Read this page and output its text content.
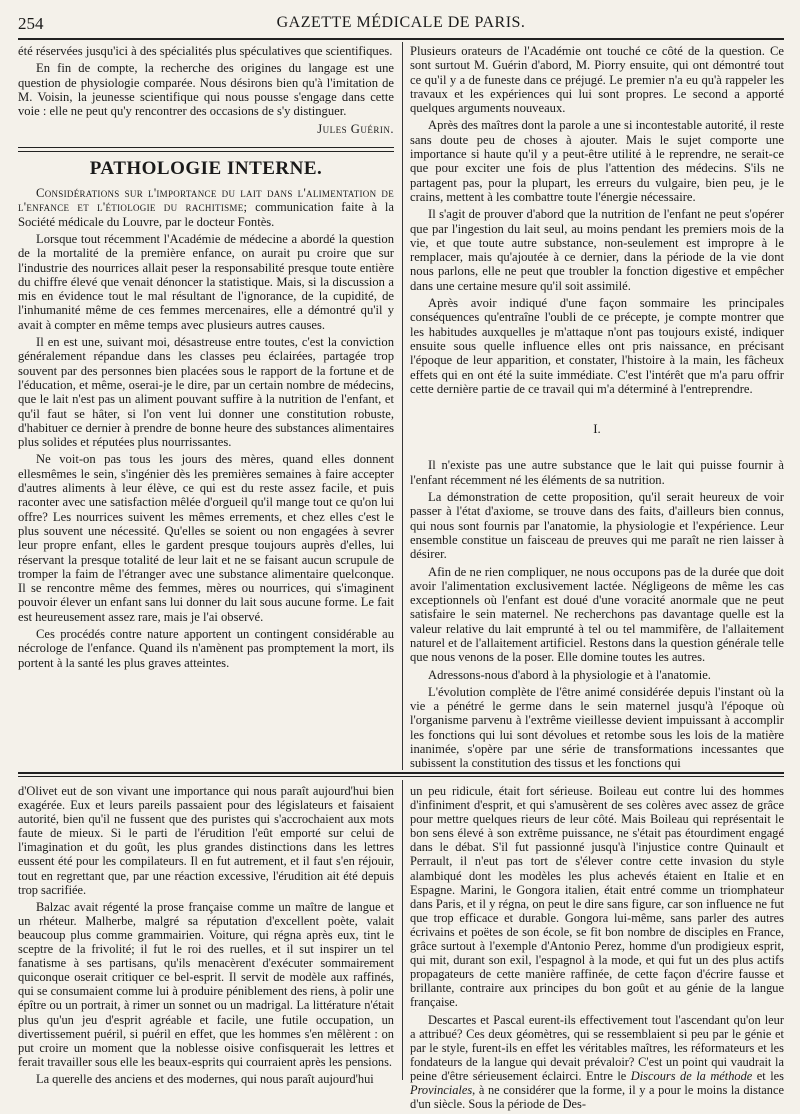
254	GAZETTE MÉDICALE DE PARIS.

été réservées jusqu'ici à des spécialités plus spéculatives que scientifiques.

En fin de compte, la recherche des origines du langage est une question de physiologie comparée. Nous désirons bien qu'à l'imitation de M. Voisin, la jeunesse scientifique qui nous pousse s'engage dans cette voie : elle ne peut qu'y rencontrer des occasions de s'y distinguer.

Jules Guérin.
PATHOLOGIE INTERNE.

Considérations sur l'importance du lait dans l'alimentation de l'enfance et l'étiologie du rachitisme; communication faite à la Société médicale du Louvre, par le docteur Fontès.

Lorsque tout récemment l'Académie de médecine a abordé la question de la mortalité de la première enfance, on aurait pu croire que sur l'industrie des nourrices allait peser la responsabilité presque toute entière du chiffre élevé que venait dénoncer la statistique. Mais, si la discussion a mis en évidence tout le mal résultant de l'ignorance, de la cupidité, de l'inhumanité même de ces femmes mercenaires, elle a démontré qu'il y avait à compter en même temps avec plusieurs autres causes.

Il en est une, suivant moi, désastreuse entre toutes, c'est la conviction généralement répandue dans les classes peu éclairées, partagée trop souvent par des personnes bien placées sous le rapport de la fortune et de l'éducation, et même, oserai-je le dire, par un certain nombre de médecins, que le lait n'est pas un aliment pouvant suffire à la nutrition de l'enfant, et qu'il faut se hâter, si l'on vent lui donner une constitution robuste, d'habituer ce dernier à prendre de bonne heure des substances alimentaires plus solides et réputées plus nourrissantes.

Ne voit-on pas tous les jours des mères, quand elles donnent ellesmêmes le sein, s'ingénier dès les premières semaines à faire accepter d'autres aliments à leur élève, ce qui est du reste assez facile, et puis raconter avec une satisfaction mêlée d'orgueil qu'il mange tout ce qu'on lui offre? Les nourrices suivent les mêmes errements, et chez elles c'est le plus souvent une nécessité. Qu'elles se soient ou non engagées à sevrer leur propre enfant, elles le gardent presque toujours auprès d'elles, lui réservant la presque totalité de leur lait et ne se faisant aucun scrupule de tromper la faim de l'étranger avec une substance alimentaire quelconque. Il se rencontre même des femmes, mères ou nourrices, qui s'imaginent pouvoir élever un enfant sans lui donner du lait sous aucune forme. Le fait est heureusement assez rare, mais je l'ai observé.

Ces procédés contre nature apportent un contingent considérable au nécrologe de l'enfance. Quand ils n'amènent pas promptement la mort, ils portent à la santé les plus graves atteintes.

Plusieurs orateurs de l'Académie ont touché ce côté de la question. Ce sont surtout M. Guérin d'abord, M. Piorry ensuite, qui ont démontré tout ce qu'il y a de funeste dans ce préjugé. Le premier n'a eu qu'à rappeler les travaux et les expériences qui lui sont propres. Le second a apporté quelques arguments nouveaux.

Après des maîtres dont la parole a une si incontestable autorité, il reste sans doute peu de choses à ajouter. Mais le sujet comporte une importance si haute qu'il y a peut-être utilité à le reprendre, ne serait-ce que pour exciter une fois de plus l'attention des médecins. S'ils ne partagent pas, pour la plupart, les erreurs du vulgaire, bien peu, je le crains, mettent à les combattre toute l'énergie nécessaire.

Il s'agit de prouver d'abord que la nutrition de l'enfant ne peut s'opérer que par l'ingestion du lait seul, au moins pendant les premiers mois de la vie, et que toute autre substance, non-seulement est impropre à le remplacer, mais qu'ajoutée à ce dernier, dans la période de la vie dont nous parlons, elle ne peut que troubler la fonction digestive et empêcher dans une certaine mesure qu'il soit assimilé.

Après avoir indiqué d'une façon sommaire les principales conséquences qu'entraîne l'oubli de ce précepte, je compte montrer que les habitudes auxquelles je m'attaque n'ont pas toujours existé, indiquer ensuite sous quelle influence elles ont pris naissance, en précisant l'époque de leur apparition, et constater, l'histoire à la main, les fâcheux effets qui en ont été la suite immédiate. C'est l'intérêt que m'a paru offrir cette dernière partie de ce travail qui m'a déterminé à l'entreprendre.

I.

Il n'existe pas une autre substance que le lait qui puisse fournir à l'enfant récemment né les éléments de sa nutrition.

La démonstration de cette proposition, qu'il serait heureux de voir passer à l'état d'axiome, se trouve dans des faits, d'ailleurs bien connus, qui nous sont fournis par l'anatomie, la physiologie et l'expérience. Leur ensemble constitue un faisceau de preuves qui me paraît ne rien laisser à désirer.

Afin de ne rien compliquer, ne nous occupons pas de la durée que doit avoir l'alimentation exclusivement lactée. Négligeons de même les cas exceptionnels où l'enfant est doué d'une voracité anormale que ne peut satisfaire le sein maternel. Ne recherchons pas davantage quelle est la valeur relative du lait emprunté à tel ou tel mammifère, de l'allaitement naturel et de l'allaitement artificiel. Restons dans la question générale telle que nous venons de la poser. Elle domine toutes les autres.

Adressons-nous d'abord à la physiologie et à l'anatomie.

L'évolution complète de l'être animé considérée depuis l'instant où la vie a pénétré le germe dans le sein maternel jusqu'à l'époque où l'organisme parvenu à l'extrême vieillesse devient impuissant à accomplir les fonctions qui lui sont dévolues et retombe sous les lois de la matière inanimée, s'opère par une série de transformations incessantes que subissent la constitution des tissus et les fonctions qui

d'Olivet eut de son vivant une importance qui nous paraît aujourd'hui bien exagérée. Eux et leurs pareils passaient pour des législateurs et faisaient autorité, bien qu'il ne fussent que des puristes qui s'accrochaient aux mots faute de mieux. Si le parti de l'érudition l'eût emporté sur celui de l'imagination et du goût, les plus grandes distinctions dans les lettres eussent été pour les compilateurs. Il en fut autrement, et il faut s'en réjouir, tout en regrettant que, par une réaction excessive, l'érudition ait été depuis trop sacrifiée.

Balzac avait régenté la prose française comme un maître de langue et un rhéteur. Malherbe, malgré sa réputation d'excellent poète, valait beaucoup plus comme grammairien. Voiture, qui régna après eux, tint le sceptre de la frivolité; il fut le roi des ruelles, et il sut inspirer un tel fanatisme à ses partisans, qu'ils menacèrent d'exécuter sommairement quiconque oserait critiquer ce bel-esprit. Il servit de modèle aux raffinés, qui se consumaient comme lui à produire péniblement des riens, à polir une épître ou un portrait, à rimer un sonnet ou un madrigal. La littérature n'était plus qu'un jeu d'esprit agréable et facile, une futile occupation, un divertissement puéril, si puéril en effet, que les hommes s'en mêlèrent : on put croire un moment que la noblesse oisive confisquerait les lettres et ferait travailler sous elle les beaux-esprits qui courraient après les pensions.

La querelle des anciens et des modernes, qui nous paraît aujourd'hui

un peu ridicule, était fort sérieuse. Boileau eut contre lui des hommes d'infiniment d'esprit, et qui s'amusèrent de ses colères avec assez de grâce pour mettre quelques rieurs de leur côté. Mais Boileau qui représentait le bon sens élevé à son extrême puissance, ne s'était pas étourdiment engagé dans le débat. S'il fut passionné jusqu'à l'injustice contre Quinault et Perrault, il n'eut pas tort de s'élever contre cette invasion du style alambiqué dont les modèles les plus achevés étaient en Italie et en Espagne. Marini, le Gongora italien, était entré comme un triomphateur dans Paris, et il y régna, on peut le dire sans figure, car son influence ne fut que trop efficace et durable. Gongora lui-même, sans parler des autres écrivains et poëtes de son école, se fit bon nombre de disciples en France, grâce surtout à l'exemple d'Antonio Perez, homme d'un prodigieux esprit, qui mit, durant son exil, l'espagnol à la mode, et qui fut un des plus actifs propagateurs de cette manière raffinée, de cette façon d'écrire fausse et brillante, contraire aux principes du bon goût et au génie de la langue française.

Descartes et Pascal eurent-ils effectivement tout l'ascendant qu'on leur a attribué? Ces deux géomètres, qui se ressemblaient si peu par le génie et par le style, furent-ils en effet les véritables maîtres, les réformateurs et les fondateurs de la langue qui devait prévaloir? C'est un point qui vaudrait la peine d'être sérieusement éclairci. Entre le Discours de la méthode et les Provinciales, à ne considérer que la forme, il y a pour le moins la distance d'un siècle. Sous la période de Des-
